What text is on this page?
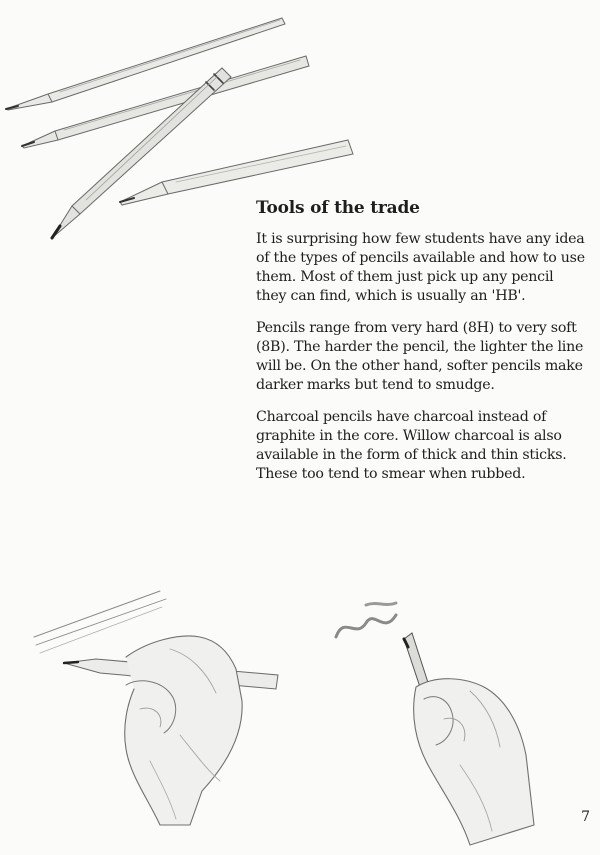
Tools of the trade

It is surprising how few students have any idea of the types of pencils available and how to use them. Most of them just pick up any pencil they can find, which is usually an 'HB'.

Pencils range from very hard (8H) to very soft (8B). The harder the pencil, the lighter the line will be. On the other hand, softer pencils make darker marks but tend to smudge.

Charcoal pencils have charcoal instead of graphite in the core. Willow charcoal is also available in the form of thick and thin sticks. These too tend to smear when rubbed.

7
